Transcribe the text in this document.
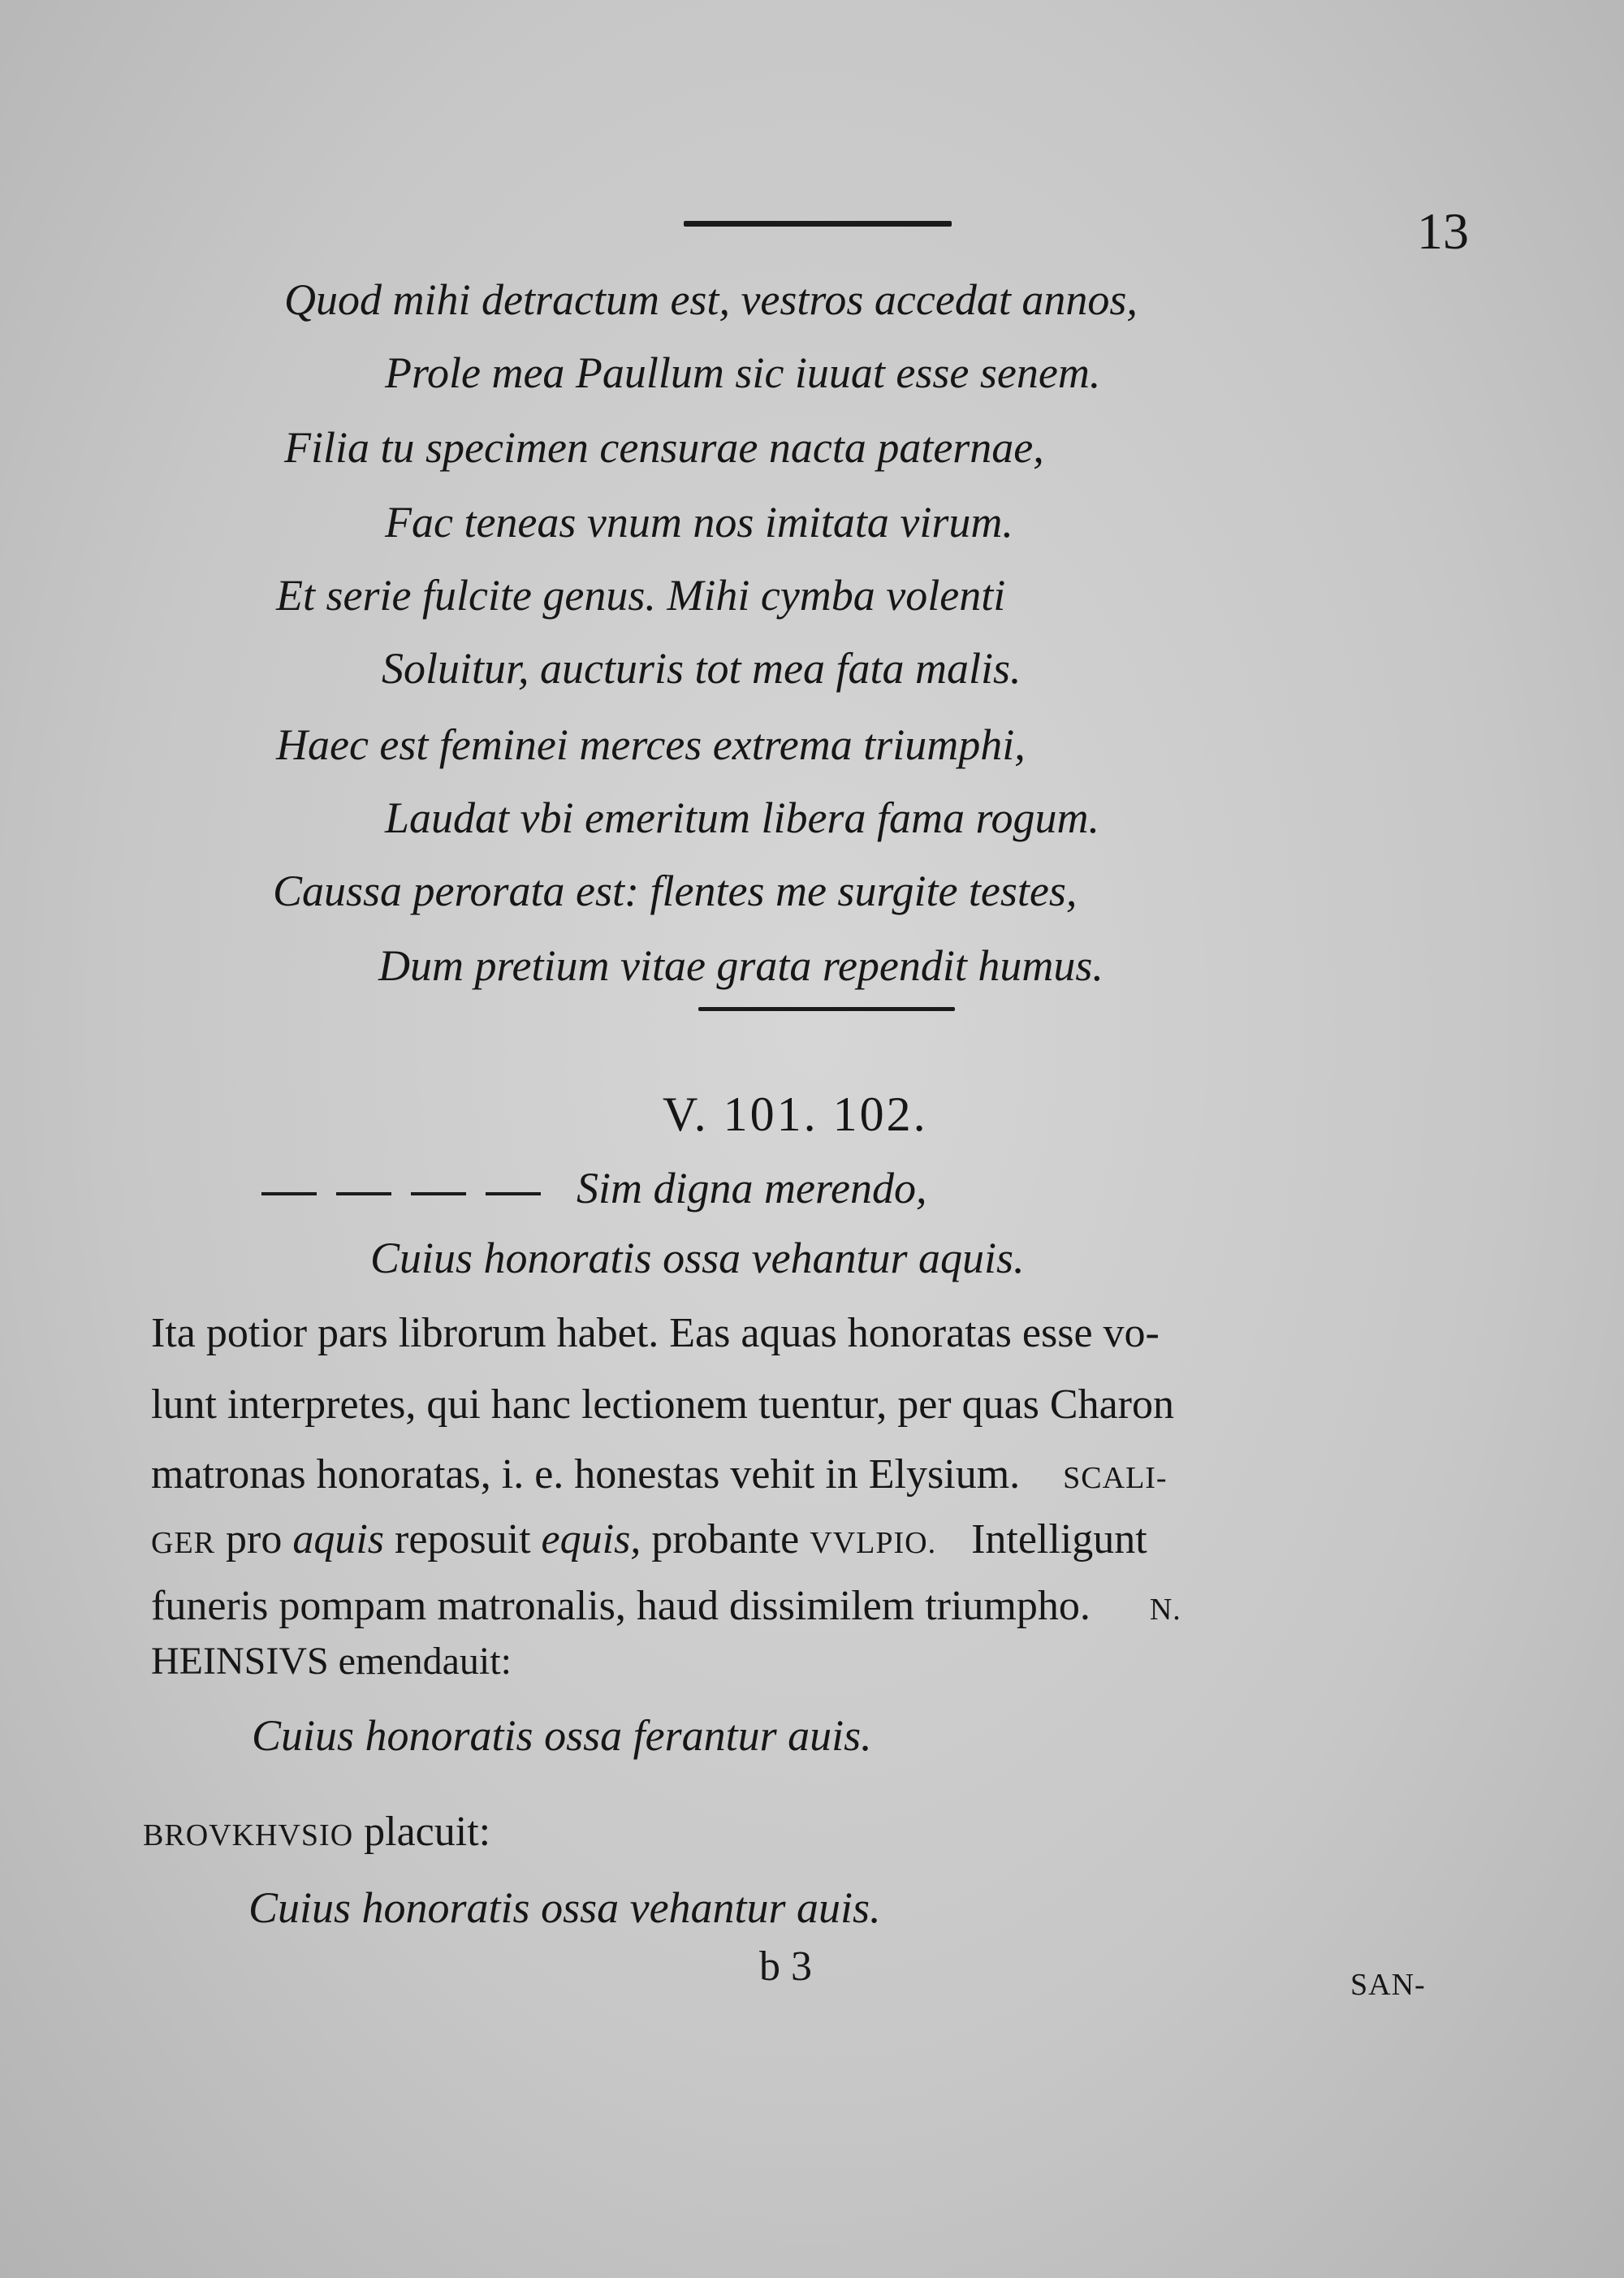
13
Quod mihi detractum est, vestros accedat annos,
Prole mea Paullum sic iuuat esse senem.
Filia tu specimen censurae nacta paternae,
Fac teneas vnum nos imitata virum.
Et serie fulcite genus. Mihi cymba volenti
Soluitur, aucturis tot mea fata malis.
Haec est feminei merces extrema triumphi,
Laudat vbi emeritum libera fama rogum.
Caussa perorata est: flentes me surgite testes,
Dum pretium vitae grata rependit humus.
V. 101. 102.
Sim digna merendo,
Cuius honoratis ossa vehantur aquis.
Ita potior pars librorum habet. Eas aquas honoratas esse vo-
lunt interpretes, qui hanc lectionem tuentur, per quas Charon
matronas honoratas, i. e. honestas vehit in Elysium. SCALI-
GER pro aquis reposuit equis, probante VVLPIO. Intelligunt
funeris pompam matronalis, haud dissimilem triumpho. N.
HEINSIVS emendauit:
Cuius honoratis ossa ferantur auis.
BROVKHVSIO placuit:
Cuius honoratis ossa vehantur auis.
b 3	SAN-
